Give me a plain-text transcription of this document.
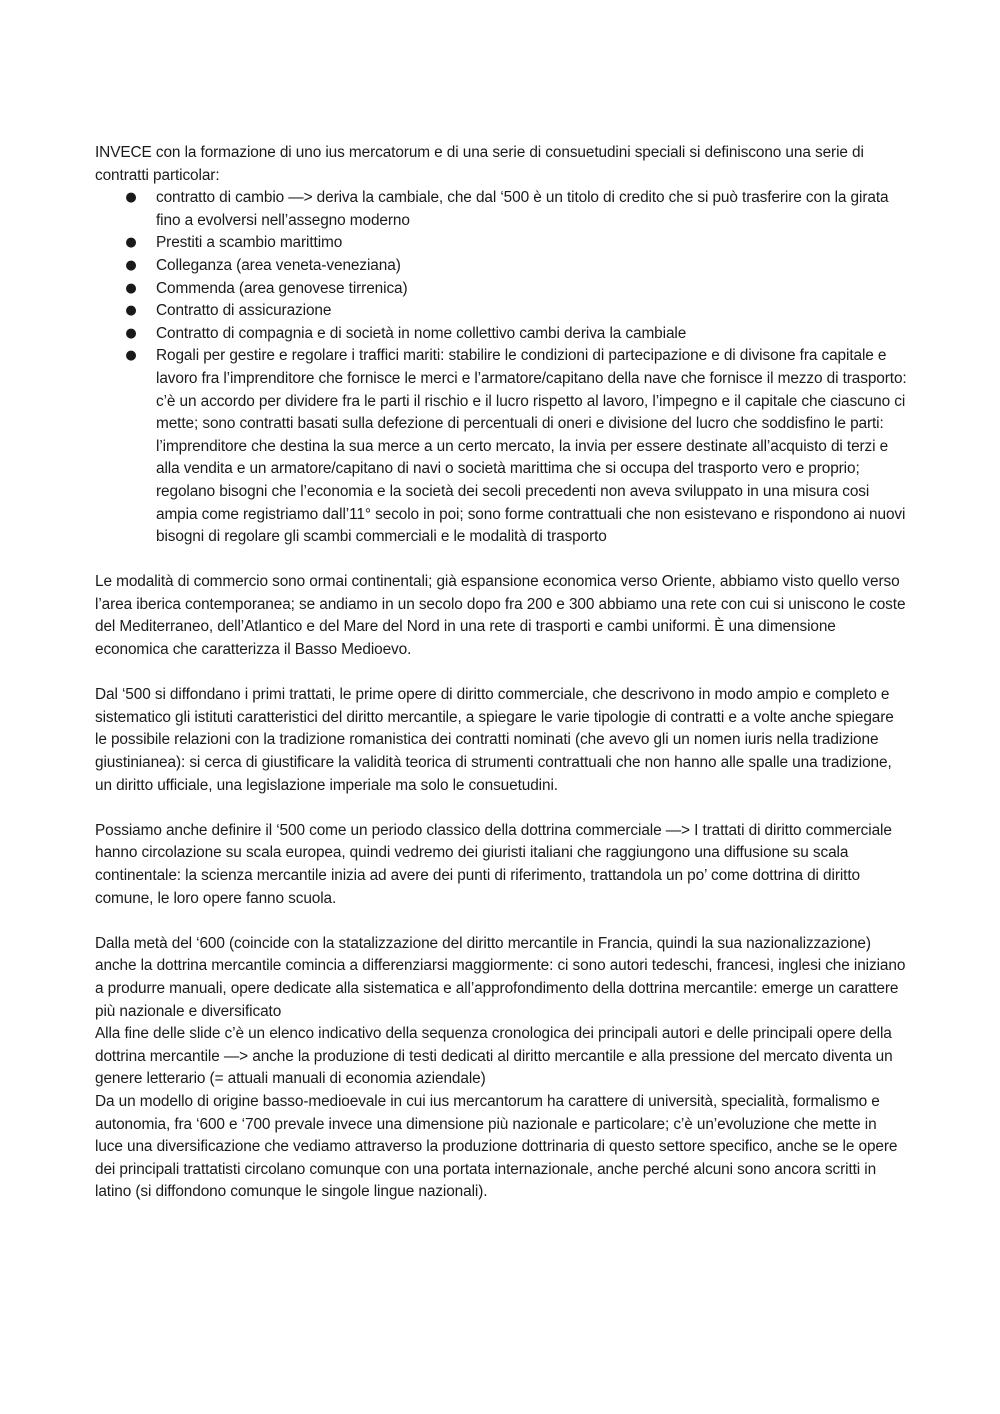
INVECE con la formazione di uno ius mercatorum e di una serie di consuetudini speciali si definiscono una serie di contratti particolar:

● contratto di cambio —> deriva la cambiale, che dal ‘500 è un titolo di credito che si può trasferire con la girata fino a evolversi nell’assegno moderno
● Prestiti a scambio marittimo
● Colleganza (area veneta-veneziana)
● Commenda (area genovese tirrenica)
● Contratto di assicurazione
● Contratto di compagnia e di società in nome collettivo cambi deriva la cambiale
● Rogali per gestire e regolare i traffici mariti: stabilire le condizioni di partecipazione e di divisone fra capitale e lavoro fra l’imprenditore che fornisce le merci e l’armatore/capitano della nave che fornisce il mezzo di trasporto: c’è un accordo per dividere fra le parti il rischio e il lucro rispetto al lavoro, l’impegno e il capitale che ciascuno ci mette; sono contratti basati sulla defezione di percentuali di oneri e divisione del lucro che soddisfino le parti: l’imprenditore che destina la sua merce a un certo mercato, la invia per essere destinate all’acquisto di terzi e alla vendita e un armatore/capitano di navi o società marittima che si occupa del trasporto vero e proprio; regolano bisogni che l’economia e la società dei secoli precedenti non aveva sviluppato in una misura cosi ampia come registriamo dall’11° secolo in poi; sono forme contrattuali che non esistevano e rispondono ai nuovi bisogni di regolare gli scambi commerciali e le modalità di trasporto

Le modalità di commercio sono ormai continentali; già espansione economica verso Oriente, abbiamo visto quello verso l’area iberica contemporanea; se andiamo in un secolo dopo fra 200 e 300 abbiamo una rete con cui si uniscono le coste del Mediterraneo, dell’Atlantico e del Mare del Nord in una rete di trasporti e cambi uniformi. È una dimensione economica che caratterizza il Basso Medioevo.

Dal ‘500 si diffondano i primi trattati, le prime opere di diritto commerciale, che descrivono in modo ampio e completo e sistematico gli istituti caratteristici del diritto mercantile, a spiegare le varie tipologie di contratti e a volte anche spiegare le possibile relazioni con la tradizione romanistica dei contratti nominati (che avevo gli un nomen iuris nella tradizione giustinianea): si cerca di giustificare la validità teorica di strumenti contrattuali che non hanno alle spalle una tradizione, un diritto ufficiale, una legislazione imperiale ma solo le consuetudini.

Possiamo anche definire il ‘500 come un periodo classico della dottrina commerciale —> I trattati di diritto commerciale hanno circolazione su scala europea, quindi vedremo dei giuristi italiani che raggiungono una diffusione su scala continentale: la scienza mercantile inizia ad avere dei punti di riferimento, trattandola un po’ come dottrina di diritto comune, le loro opere fanno scuola.

Dalla metà del ‘600 (coincide con la statalizzazione del diritto mercantile in Francia, quindi la sua nazionalizzazione) anche la dottrina mercantile comincia a differenziarsi maggiormente: ci sono autori tedeschi, francesi, inglesi che iniziano a produrre manuali, opere dedicate alla sistematica e all’approfondimento della dottrina mercantile: emerge un carattere più nazionale e diversificato

Alla fine delle slide c’è un elenco indicativo della sequenza cronologica dei principali autori e delle principali opere della dottrina mercantile —> anche la produzione di testi dedicati al diritto mercantile e alla pressione del mercato diventa un genere letterario (= attuali manuali di economia aziendale)

Da un modello di origine basso-medioevale in cui ius mercantorum ha carattere di università, specialità, formalismo e autonomia, fra ‘600 e ‘700 prevale invece una dimensione più nazionale e particolare; c’è un’evoluzione che mette in luce una diversificazione che vediamo attraverso la produzione dottrinaria di questo settore specifico, anche se le opere dei principali trattatisti circolano comunque con una portata internazionale, anche perché alcuni sono ancora scritti in latino (si diffondono comunque le singole lingue nazionali).
